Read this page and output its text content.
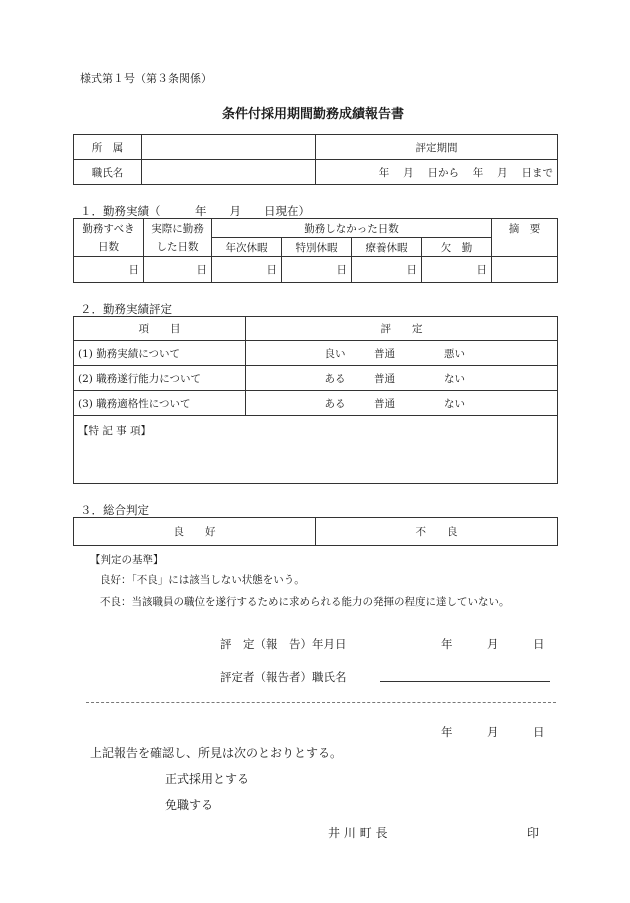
様式第１号（第３条関係）
条件付採用期間勤務成績報告書
所　属		評定期間
職氏名		年　 月　 日から　 年　 月　 日まで
１．勤務実績（　　　年　　月　　日現在）
勤務すべき	実際に勤務	勤務しなかった日数				摘　要
日数	した日数	年次休暇	特別休暇	療養休暇	欠　勤	
日	日	日	日	日	日	
２．勤務実績評定
項　　目	評　　定			
(1) 勤務実績について	良い	普通	悪い	
(2) 職務遂行能力について	ある	普通	ない	
(3) 職務適格性について	ある	普通	ない	
【特 記 事 項】				
３．総合判定
良　　好	不　　良
【判定の基準】
良好：「不良」には該当しない状態をいう。
不良：当該職員の職位を遂行するために求められる能力の発揮の程度に達していない。
評　定（報　告）年月日	年　　　月　　　日
評定者（報告者）職氏名
年　　　月　　　日
上記報告を確認し、所見は次のとおりとする。
正式採用とする
免職する
井 川 町 長	印
